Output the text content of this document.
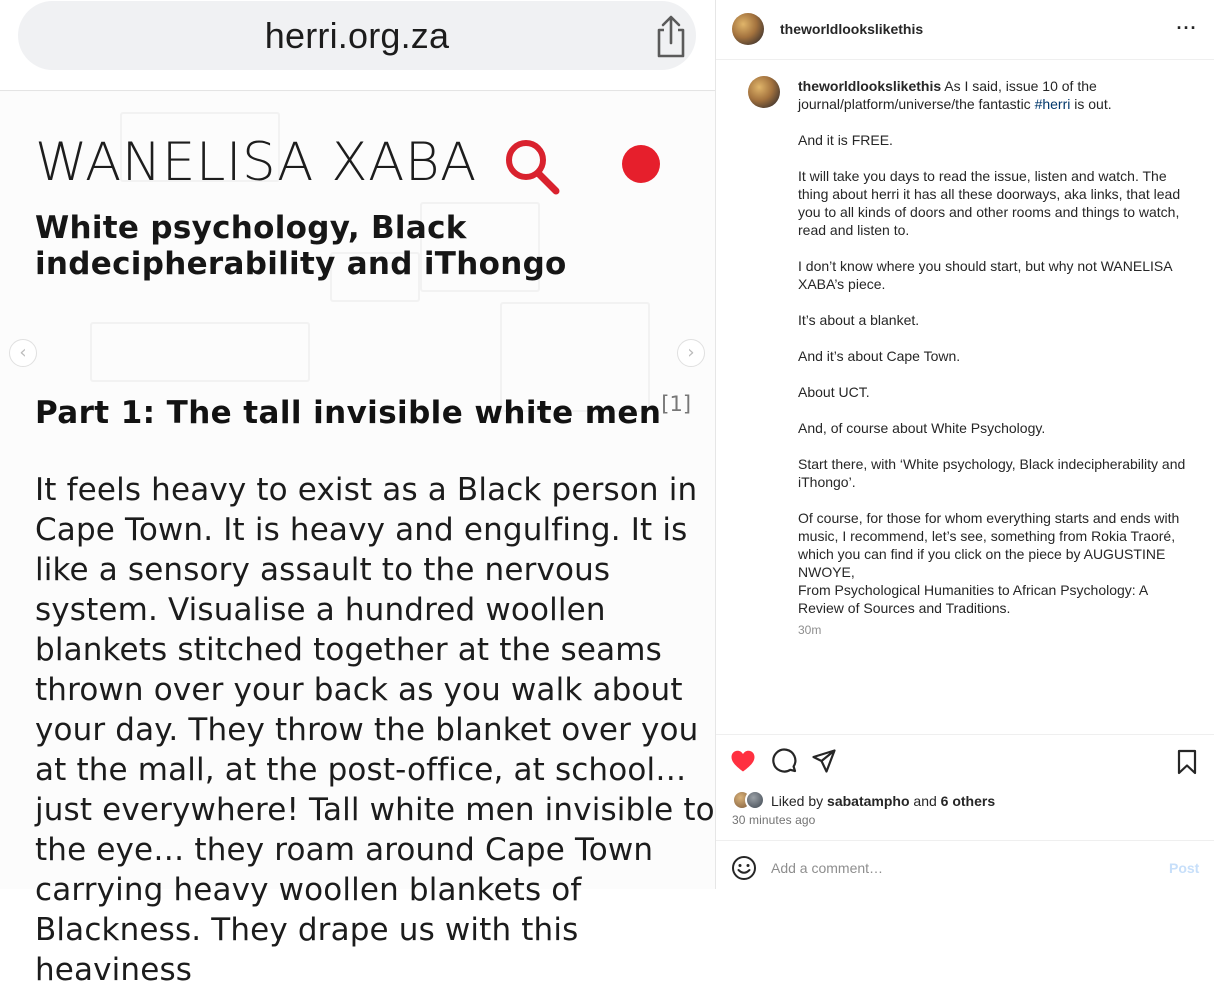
herri.org.za
WANELISA XABA
White psychology, Black indecipherability and iThongo
Part 1: The tall invisible white men[1]
It feels heavy to exist as a Black person in Cape Town. It is heavy and engulfing. It is like a sensory assault to the nervous system. Visualise a hundred woollen blankets stitched together at the seams thrown over your back as you walk about your day. They throw the blanket over you at the mall, at the post-office, at school…just everywhere! Tall white men invisible to the eye… they roam around Cape Town carrying heavy woollen blankets of Blackness. They drape us with this heaviness
‹	›
theworldlookslikethis	···

theworldlookslikethis As I said, issue 10 of the journal/platform/universe/the fantastic #herri is out.

And it is FREE.

It will take you days to read the issue, listen and watch. The thing about herri it has all these doorways, aka links, that lead you to all kinds of doors and other rooms and things to watch, read and listen to.

I don’t know where you should start, but why not WANELISA XABA’s piece.

It’s about a blanket.

And it’s about Cape Town.

About UCT.

And, of course about White Psychology.

Start there, with ‘White psychology, Black indecipherability and iThongo’.

Of course, for those for whom everything starts and ends with music, I recommend, let’s see, something from Rokia Traoré, which you can find if you click on the piece by AUGUSTINE NWOYE,

From Psychological Humanities to African Psychology: A Review of Sources and Traditions.

30m
Liked by sabatampho and 6 others
30 minutes ago
Add a comment…
Post
